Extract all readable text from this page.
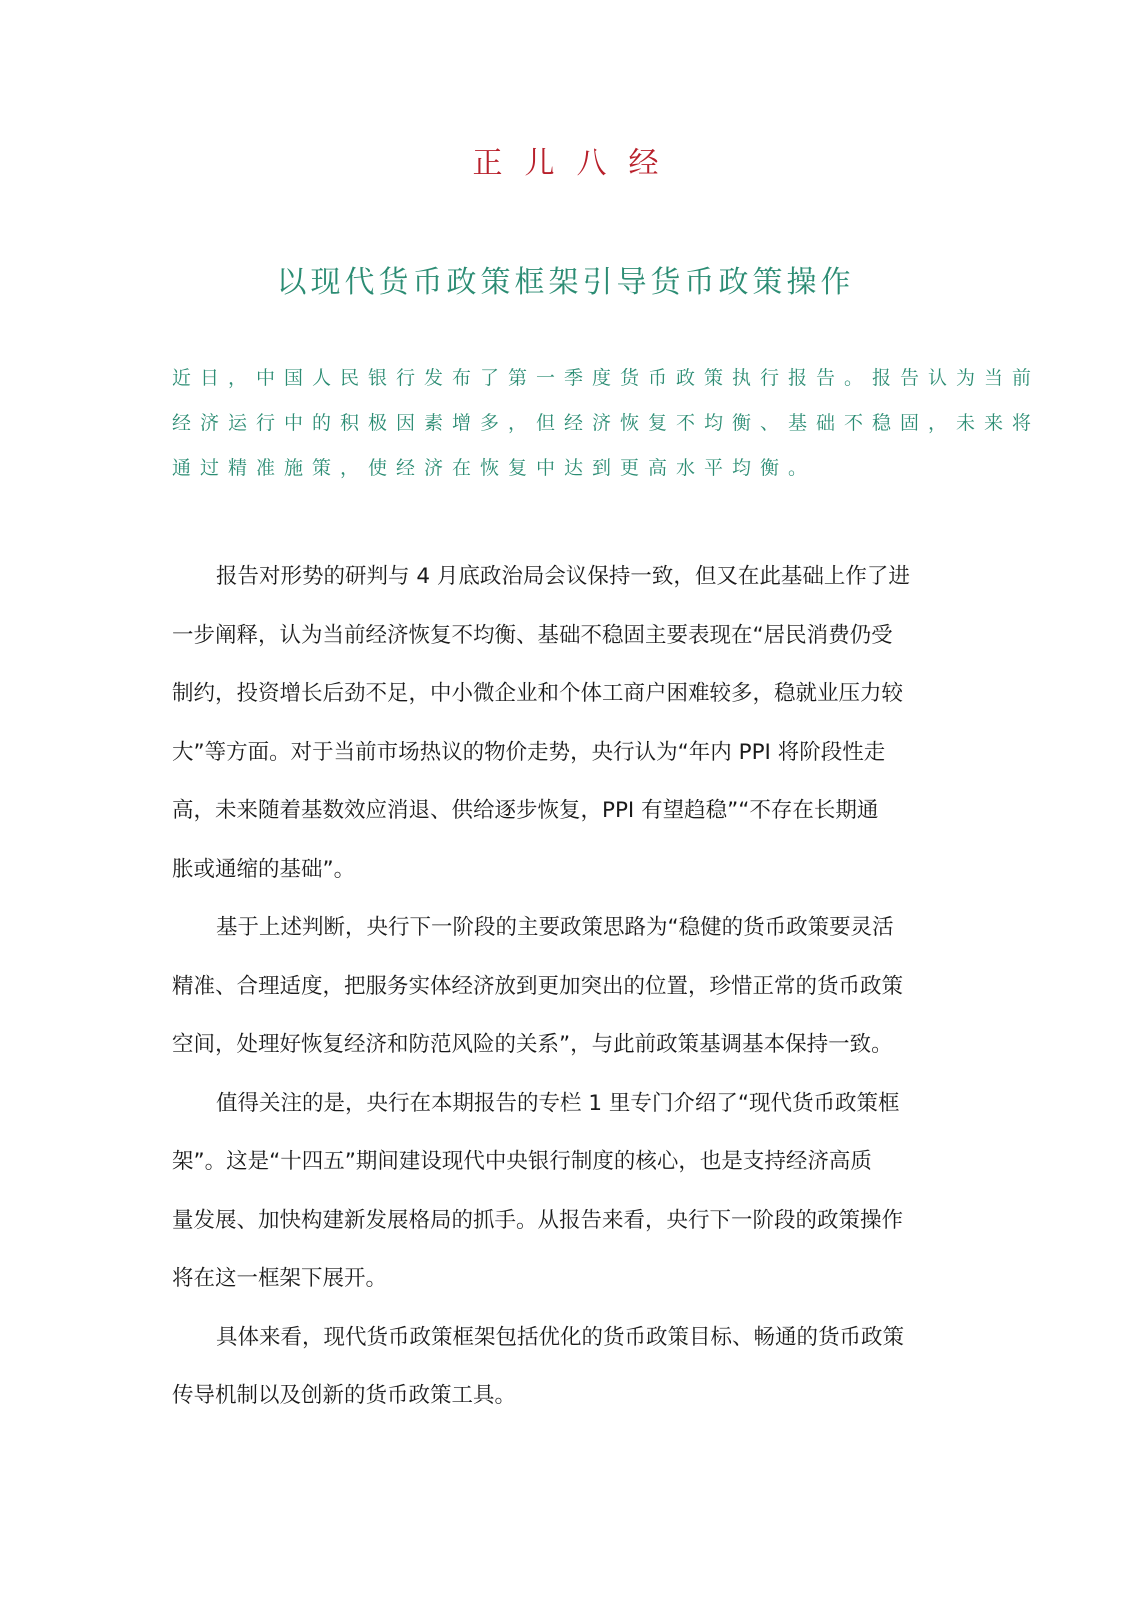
正儿八经
以现代货币政策框架引导货币政策操作
近日，中国人民银行发布了第一季度货币政策执行报告。报告认为当前
经济运行中的积极因素增多，但经济恢复不均衡、基础不稳固，未来将
通过精准施策，使经济在恢复中达到更高水平均衡。
报告对形势的研判与 4 月底政治局会议保持一致，但又在此基础上作了进
一步阐释，认为当前经济恢复不均衡、基础不稳固主要表现在“居民消费仍受
制约，投资增长后劲不足，中小微企业和个体工商户困难较多，稳就业压力较
大”等方面。对于当前市场热议的物价走势，央行认为“年内 PPI 将阶段性走
高，未来随着基数效应消退、供给逐步恢复，PPI 有望趋稳”“不存在长期通
胀或通缩的基础”。
基于上述判断，央行下一阶段的主要政策思路为“稳健的货币政策要灵活
精准、合理适度，把服务实体经济放到更加突出的位置，珍惜正常的货币政策
空间，处理好恢复经济和防范风险的关系”，与此前政策基调基本保持一致。
值得关注的是，央行在本期报告的专栏 1 里专门介绍了“现代货币政策框
架”。这是“十四五”期间建设现代中央银行制度的核心，也是支持经济高质
量发展、加快构建新发展格局的抓手。从报告来看，央行下一阶段的政策操作
将在这一框架下展开。
具体来看，现代货币政策框架包括优化的货币政策目标、畅通的货币政策
传导机制以及创新的货币政策工具。
